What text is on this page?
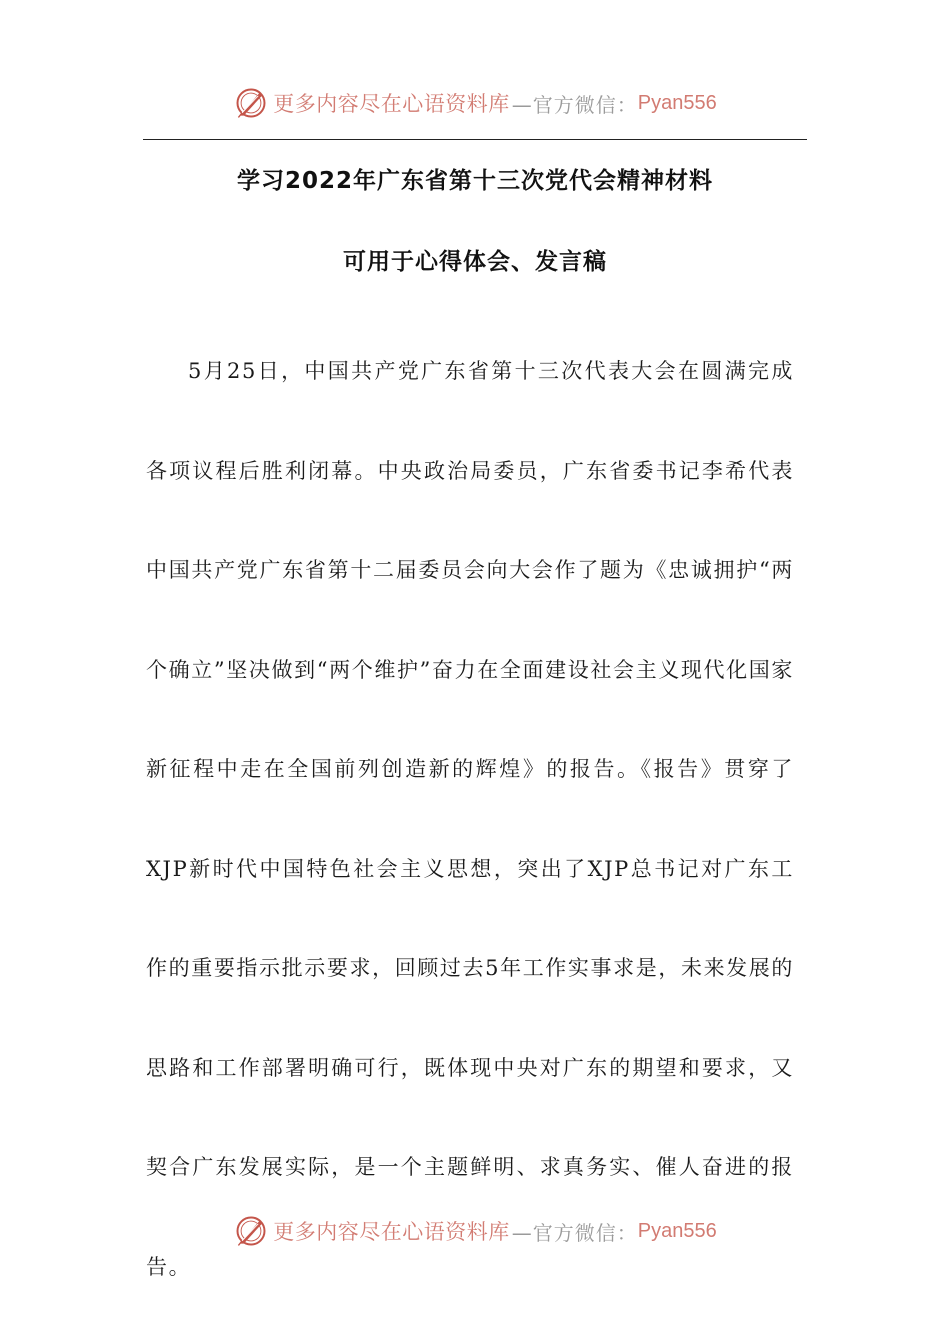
更多内容尽在心语资料库 —官方微信： Pyan556
学习2022年广东省第十三次党代会精神材料
可用于心得体会、发言稿

5月25日，中国共产党广东省第十三次代表大会在圆满完成各项议程后胜利闭幕。中央政治局委员，广东省委书记李希代表中国共产党广东省第十二届委员会向大会作了题为《忠诚拥护“两个确立”坚决做到“两个维护”奋力在全面建设社会主义现代化国家新征程中走在全国前列创造新的辉煌》的报告。《报告》贯穿了XJP新时代中国特色社会主义思想，突出了XJP总书记对广东工作的重要指示批示要求，回顾过去5年工作实事求是，未来发展的思路和工作部署明确可行，既体现中央对广东的期望和要求，又契合广东发展实际，是一个主题鲜明、求真务实、催人奋进的报告。

更多内容尽在心语资料库 —官方微信： Pyan556
